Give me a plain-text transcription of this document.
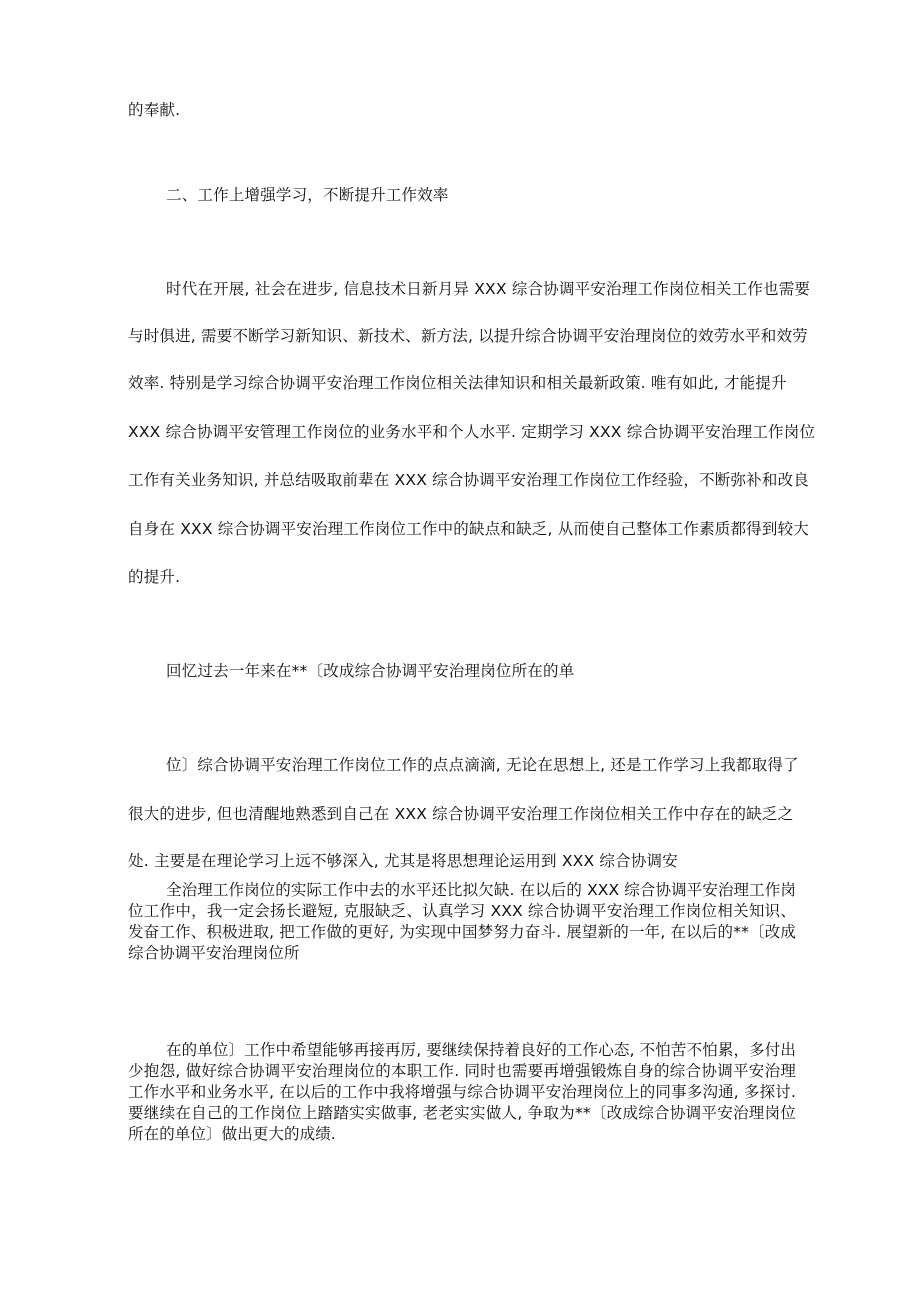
的奉献.
二、工作上增强学习，不断提升工作效率
时代在开展, 社会在进步, 信息技术日新月异 XXX 综合协调平安治理工作岗位相关工作也需要
与时俱进, 需要不断学习新知识、新技术、新方法, 以提升综合协调平安治理岗位的效劳水平和效劳
效率. 特别是学习综合协调平安治理工作岗位相关法律知识和相关最新政策. 唯有如此, 才能提升
XXX 综合协调平安管理工作岗位的业务水平和个人水平. 定期学习 XXX 综合协调平安治理工作岗位
工作有关业务知识, 并总结吸取前辈在 XXX 综合协调平安治理工作岗位工作经验，不断弥补和改良
自身在 XXX 综合协调平安治理工作岗位工作中的缺点和缺乏, 从而使自己整体工作素质都得到较大
的提升.
回忆过去一年来在**〔改成综合协调平安治理岗位所在的单
位〕综合协调平安治理工作岗位工作的点点滴滴, 无论在思想上, 还是工作学习上我都取得了
很大的进步, 但也清醒地熟悉到自己在 XXX 综合协调平安治理工作岗位相关工作中存在的缺乏之
处. 主要是在理论学习上远不够深入, 尤其是将思想理论运用到 XXX 综合协调安
全治理工作岗位的实际工作中去的水平还比拟欠缺. 在以后的 XXX 综合协调平安治理工作岗位工作中，我一定会扬长避短, 克服缺乏、认真学习 XXX 综合协调平安治理工作岗位相关知识、发奋工作、积极进取, 把工作做的更好, 为实现中国梦努力奋斗. 展望新的一年, 在以后的**〔改成综合协调平安治理岗位所
在的单位〕工作中希望能够再接再厉, 要继续保持着良好的工作心态, 不怕苦不怕累，多付出少抱怨, 做好综合协调平安治理岗位的本职工作. 同时也需要再增强锻炼自身的综合协调平安治理工作水平和业务水平, 在以后的工作中我将增强与综合协调平安治理岗位上的同事多沟通, 多探讨. 要继续在自己的工作岗位上踏踏实实做事, 老老实实做人, 争取为**〔改成综合协调平安治理岗位所在的单位〕做出更大的成绩.
